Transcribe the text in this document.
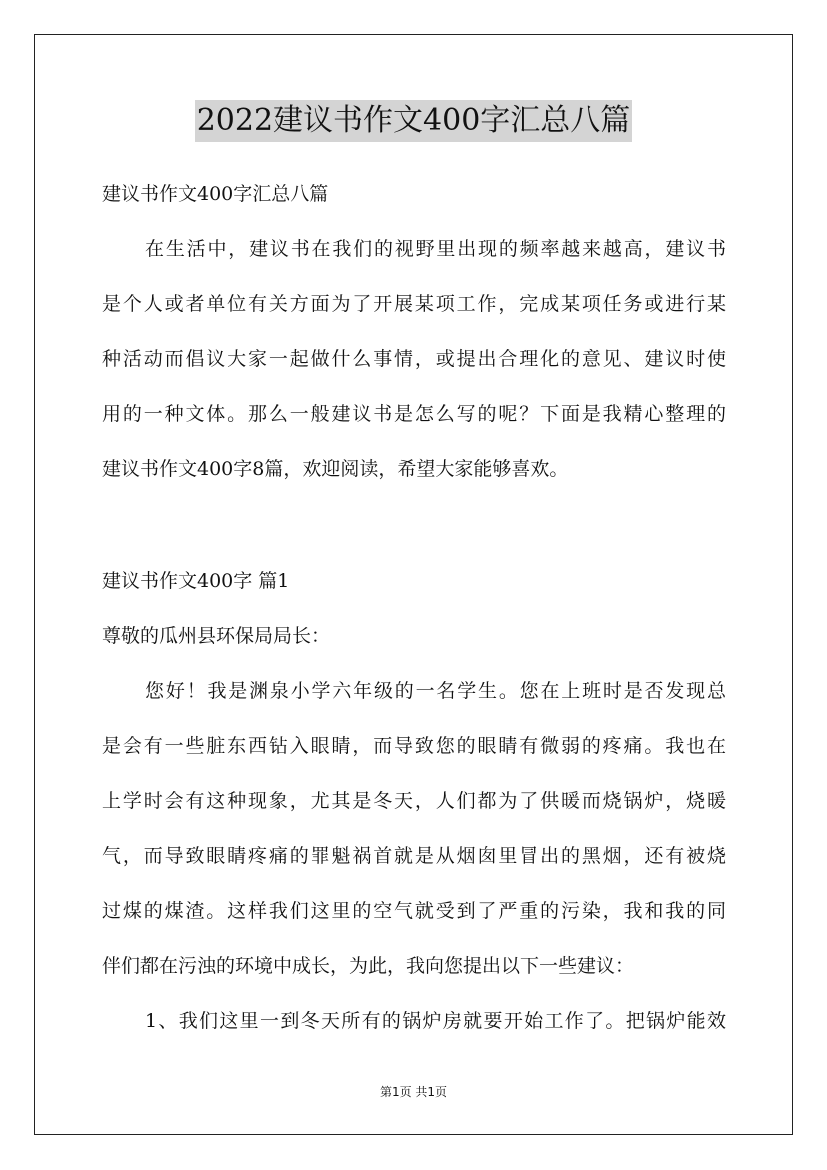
2022建议书作文400字汇总八篇
建议书作文400字汇总八篇
在生活中，建议书在我们的视野里出现的频率越来越高，建议书
是个人或者单位有关方面为了开展某项工作，完成某项任务或进行某
种活动而倡议大家一起做什么事情，或提出合理化的意见、建议时使
用的一种文体。那么一般建议书是怎么写的呢？下面是我精心整理的
建议书作文400字8篇，欢迎阅读，希望大家能够喜欢。
建议书作文400字 篇1
尊敬的瓜州县环保局局长：
您好！我是渊泉小学六年级的一名学生。您在上班时是否发现总
是会有一些脏东西钻入眼睛，而导致您的眼睛有微弱的疼痛。我也在
上学时会有这种现象，尤其是冬天，人们都为了供暖而烧锅炉，烧暖
气，而导致眼睛疼痛的罪魁祸首就是从烟囱里冒出的黑烟，还有被烧
过煤的煤渣。这样我们这里的空气就受到了严重的污染，我和我的同
伴们都在污浊的环境中成长，为此，我向您提出以下一些建议：
1、我们这里一到冬天所有的锅炉房就要开始工作了。把锅炉能效
第1页 共1页
